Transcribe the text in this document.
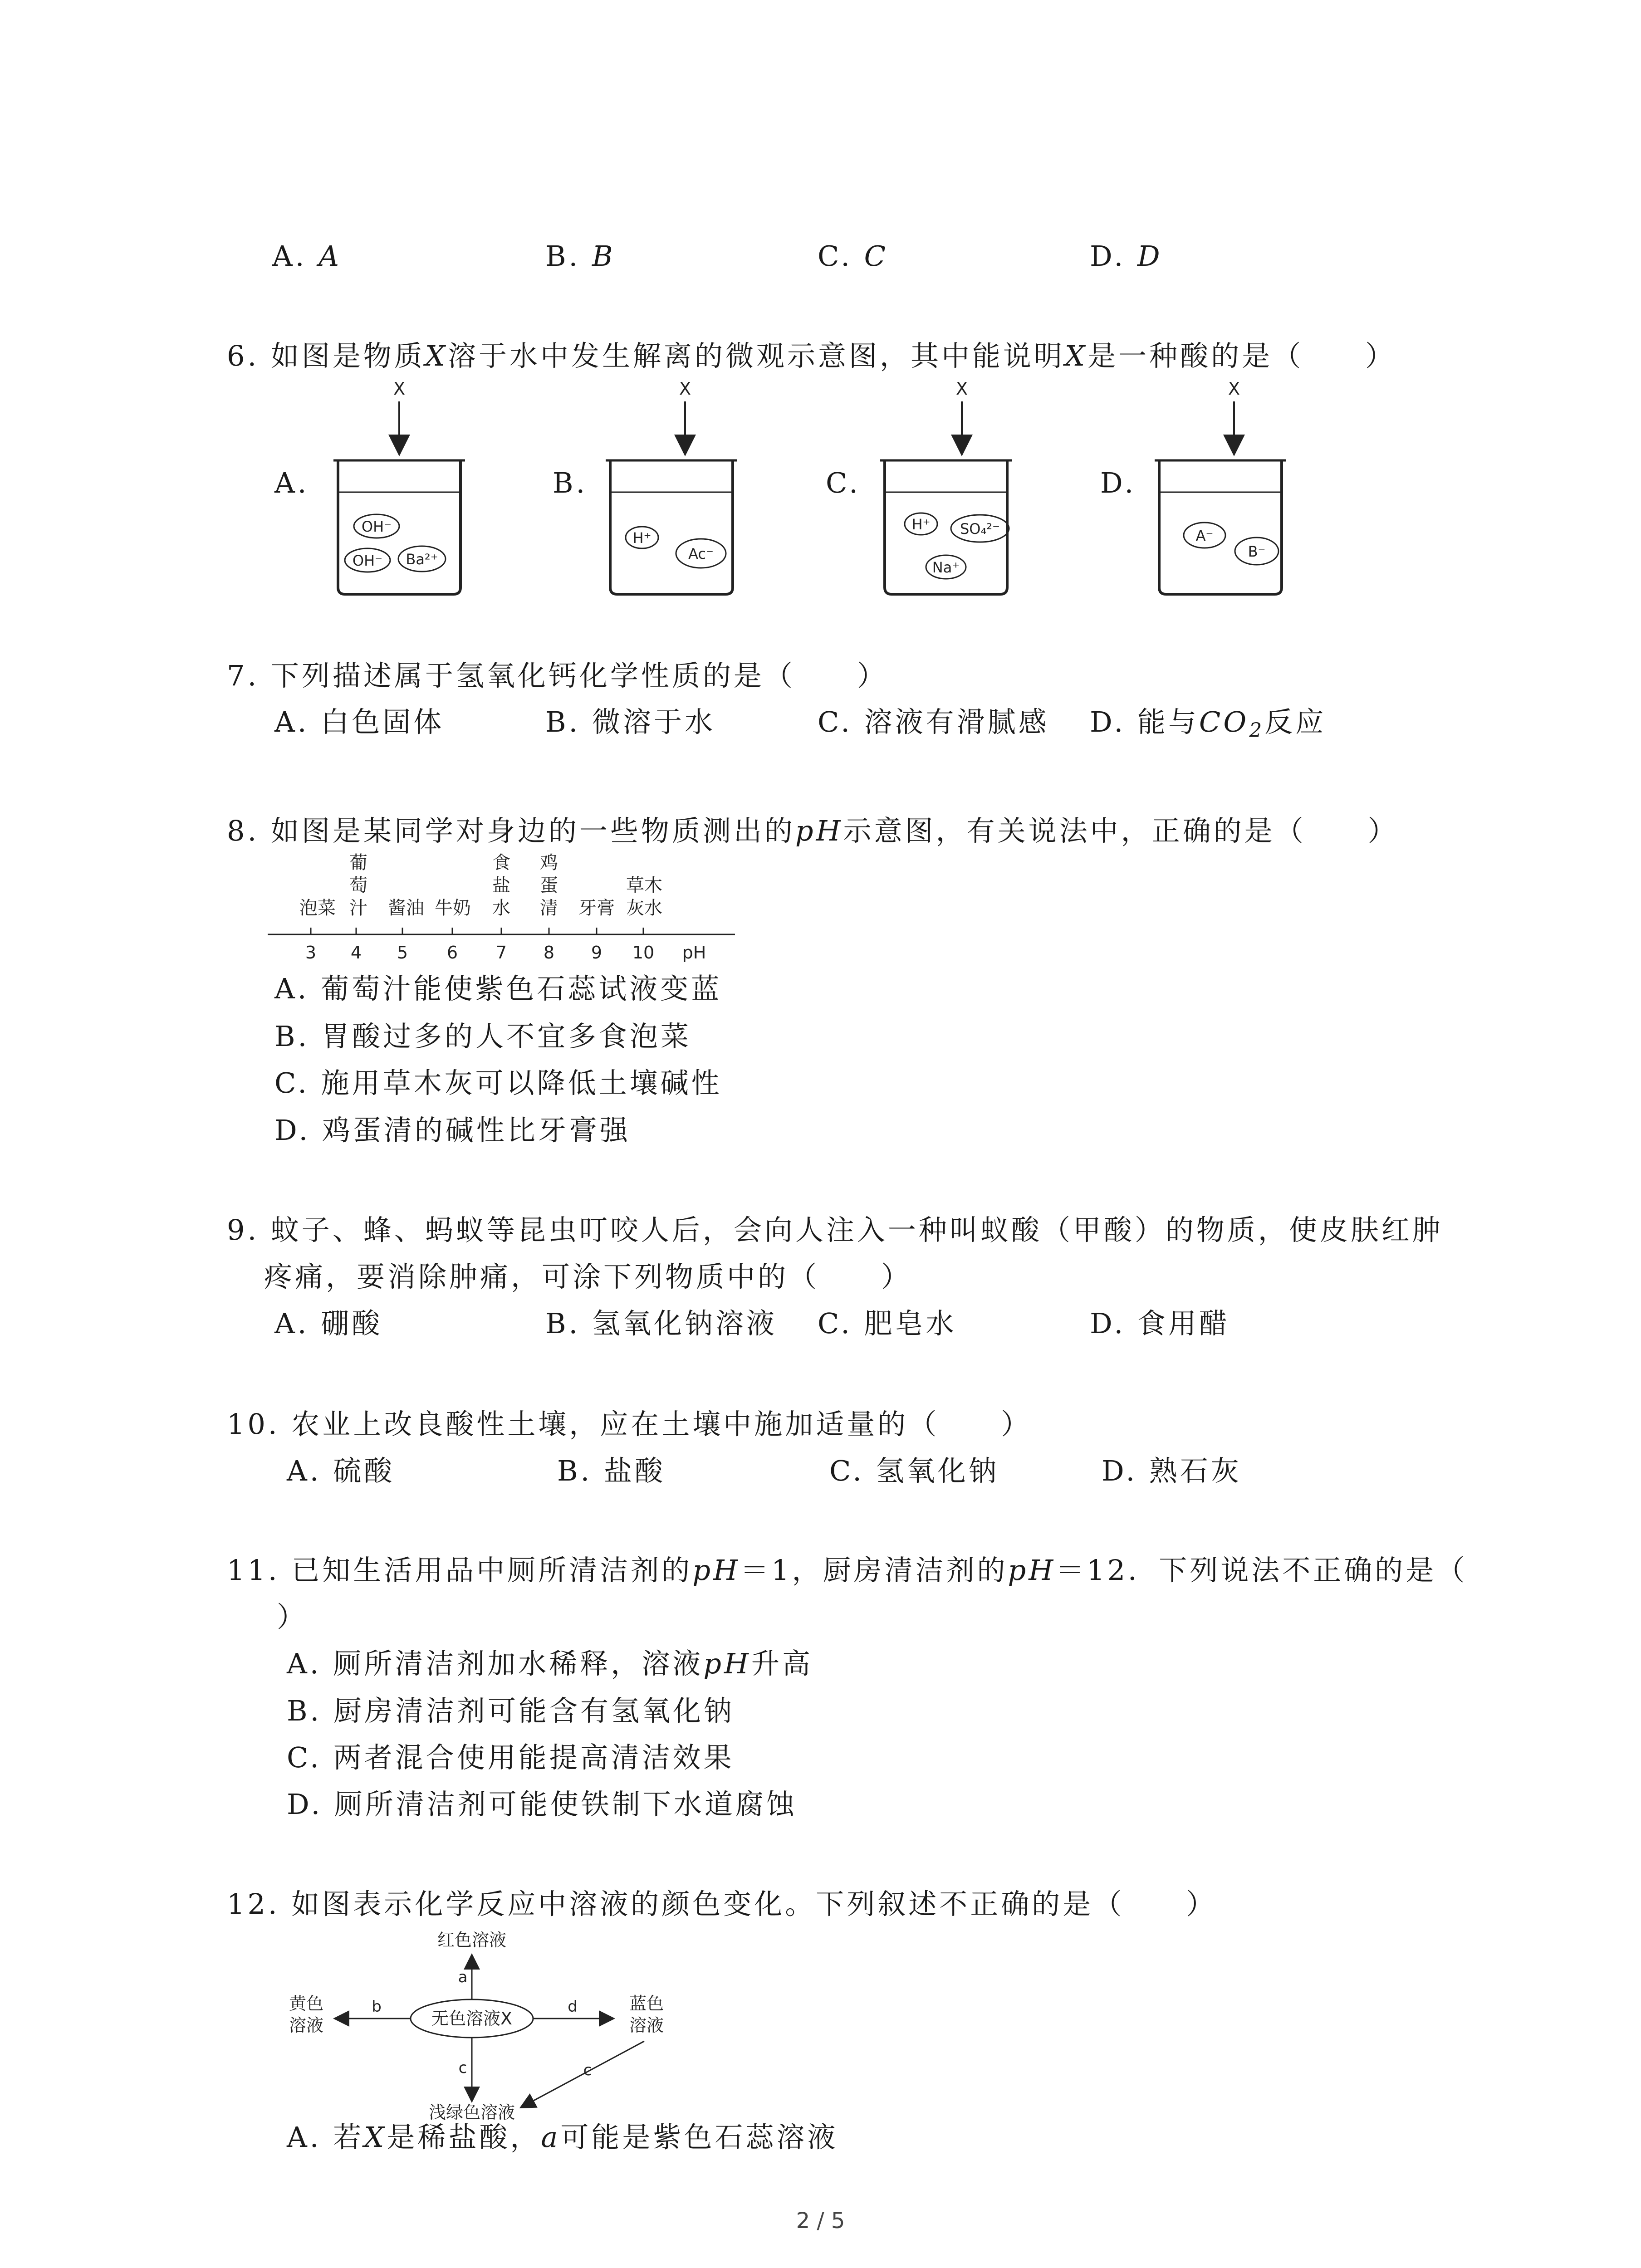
A. A	B. B	C. C	D. D
6. 如图是物质X溶于水中发生解离的微观示意图，其中能说明X是一种酸的是（　　）
A.	B.	C.	D.
X
OH⁻
OH⁻ Ba²⁺
X
H⁺
Ac⁻
X
H⁺ SO₄²⁻
Na⁺
X
A⁻
B⁻
7. 下列描述属于氢氧化钙化学性质的是（　　）
A. 白色固体	B. 微溶于水	C. 溶液有滑腻感 D. 能与$CO_2$反应
8. 如图是某同学对身边的一些物质测出的pH示意图，有关说法中，正确的是（　　）
泡菜
葡
萄
汁 酱油 牛奶
食
盐
水
鸡
蛋
清 牙膏
草木
灰水
3 4 5 6 7 8 9 10 pH
A. 葡萄汁能使紫色石蕊试液变蓝
B. 胃酸过多的人不宜多食泡菜
C. 施用草木灰可以降低土壤碱性
D. 鸡蛋清的碱性比牙膏强
9. 蚊子、蜂、蚂蚁等昆虫叮咬人后，会向人注入一种叫蚁酸（甲酸）的物质，使皮肤红肿
疼痛，要消除肿痛，可涂下列物质中的（　　）
A. 硼酸	B. 氢氧化钠溶液 C. 肥皂水	D. 食用醋
10. 农业上改良酸性土壤，应在土壤中施加适量的（　　）
A. 硫酸	B. 盐酸	C. 氢氧化钠	D. 熟石灰
11. 已知生活用品中厕所清洁剂的pH＝1，厨房清洁剂的pH＝12．下列说法不正确的是（
）
A. 厕所清洁剂加水稀释，溶液pH升高
B. 厨房清洁剂可能含有氢氧化钠
C. 两者混合使用能提高清洁效果
D. 厕所清洁剂可能使铁制下水道腐蚀
12. 如图表示化学反应中溶液的颜色变化。下列叙述不正确的是（　　）
红色溶液
无色溶液X
黄色
溶液
蓝色
溶液
浅绿色溶液
a
b	d
c	c
A. 若X是稀盐酸，a可能是紫色石蕊溶液
2 / 5
